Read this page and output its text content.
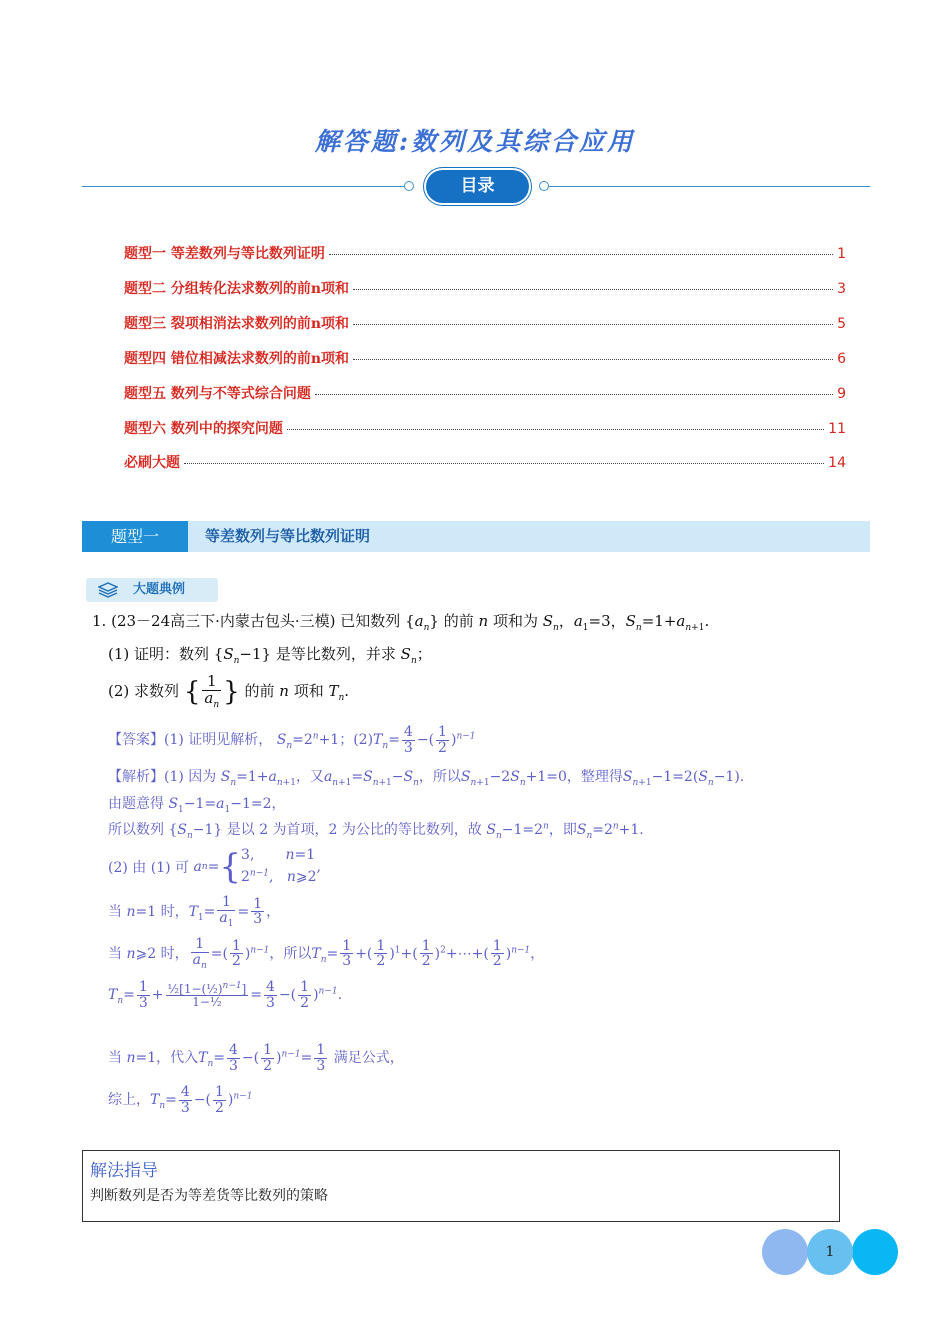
解答题:数列及其综合应用
目录
题型一 等差数列与等比数列证明	1
题型二 分组转化法求数列的前n项和	3
题型三 裂项相消法求数列的前n项和	5
题型四 错位相减法求数列的前n项和	6
题型五 数列与不等式综合问题	9
题型六 数列中的探究问题	11
必刷大题	14
题型一	等差数列与等比数列证明
大题典例
1. (23－24高三下·内蒙古包头·三模) 已知数列 $\{a_n\}$ 的前 n 项和为 $S_n$，$a_1=3$，$S_n=1+a_{n+1}$.
(1) 证明：数列 $\{S_n-1\}$ 是等比数列，并求 $S_n$；
(2) 求数列 { $\frac{1}{a_n}$ } 的前 n 项和 $T_n$.
【答案】(1) 证明见解析， $S_n=2^n+1$；$(2)T_n= \frac{4}{3}$ −( $\frac{1}{2} )^{n-1}$
【解析】(1) 因为 $S_n=1+a_{n+1}$，又$a_{n+1}=S_{n+1}-S_n$，所以$S_{n+1}-2S_n+1=0$，整理得$S_{n+1}-1=2(S_n-1)$.
由题意得 $S_1-1=a_1-1=2$，
所以数列 $\{S_n-1\}$ 是以 2 为首项，2 为公比的等比数列，故 $S_n-1=2^n$，即$S_n=2^n+1$.
(2) 由 (1) 可
a n = { 3,       n=1
$2^{n-1}$,   n⩾2
,
当 n=1 时，$T_1= \frac{1}{a_1} = \frac{1}{3}$ ，
当 n⩾2 时， $\frac{1}{a_n}$ =( $\frac{1}{2} )^{n-1}$，所以$T_n= \frac{1}{3}$ +( $\frac{1}{2} )^1+( \frac{1}{2}$ )$^2+\cdots+( \frac{1}{2} )^{n-1}$，
$T_n= \frac{1}{3} + \frac{\frac{1}{2}[1-(\frac{1}{2})^{n-1}]}{\text{1−½}} = \frac{4}{3}$ −( $\frac{1}{2} )^{n-1}$.
当 n=1，代入$T_n= \frac{4}{3}$ −( $\frac{1}{2} )^{n-1}= \frac{1}{3}$ 满足公式，
综上，$T_n= \frac{4}{3}$ −( $\frac{1}{2} )^{n-1}$
解法指导
判断数列是否为等差货等比数列的策略
1
